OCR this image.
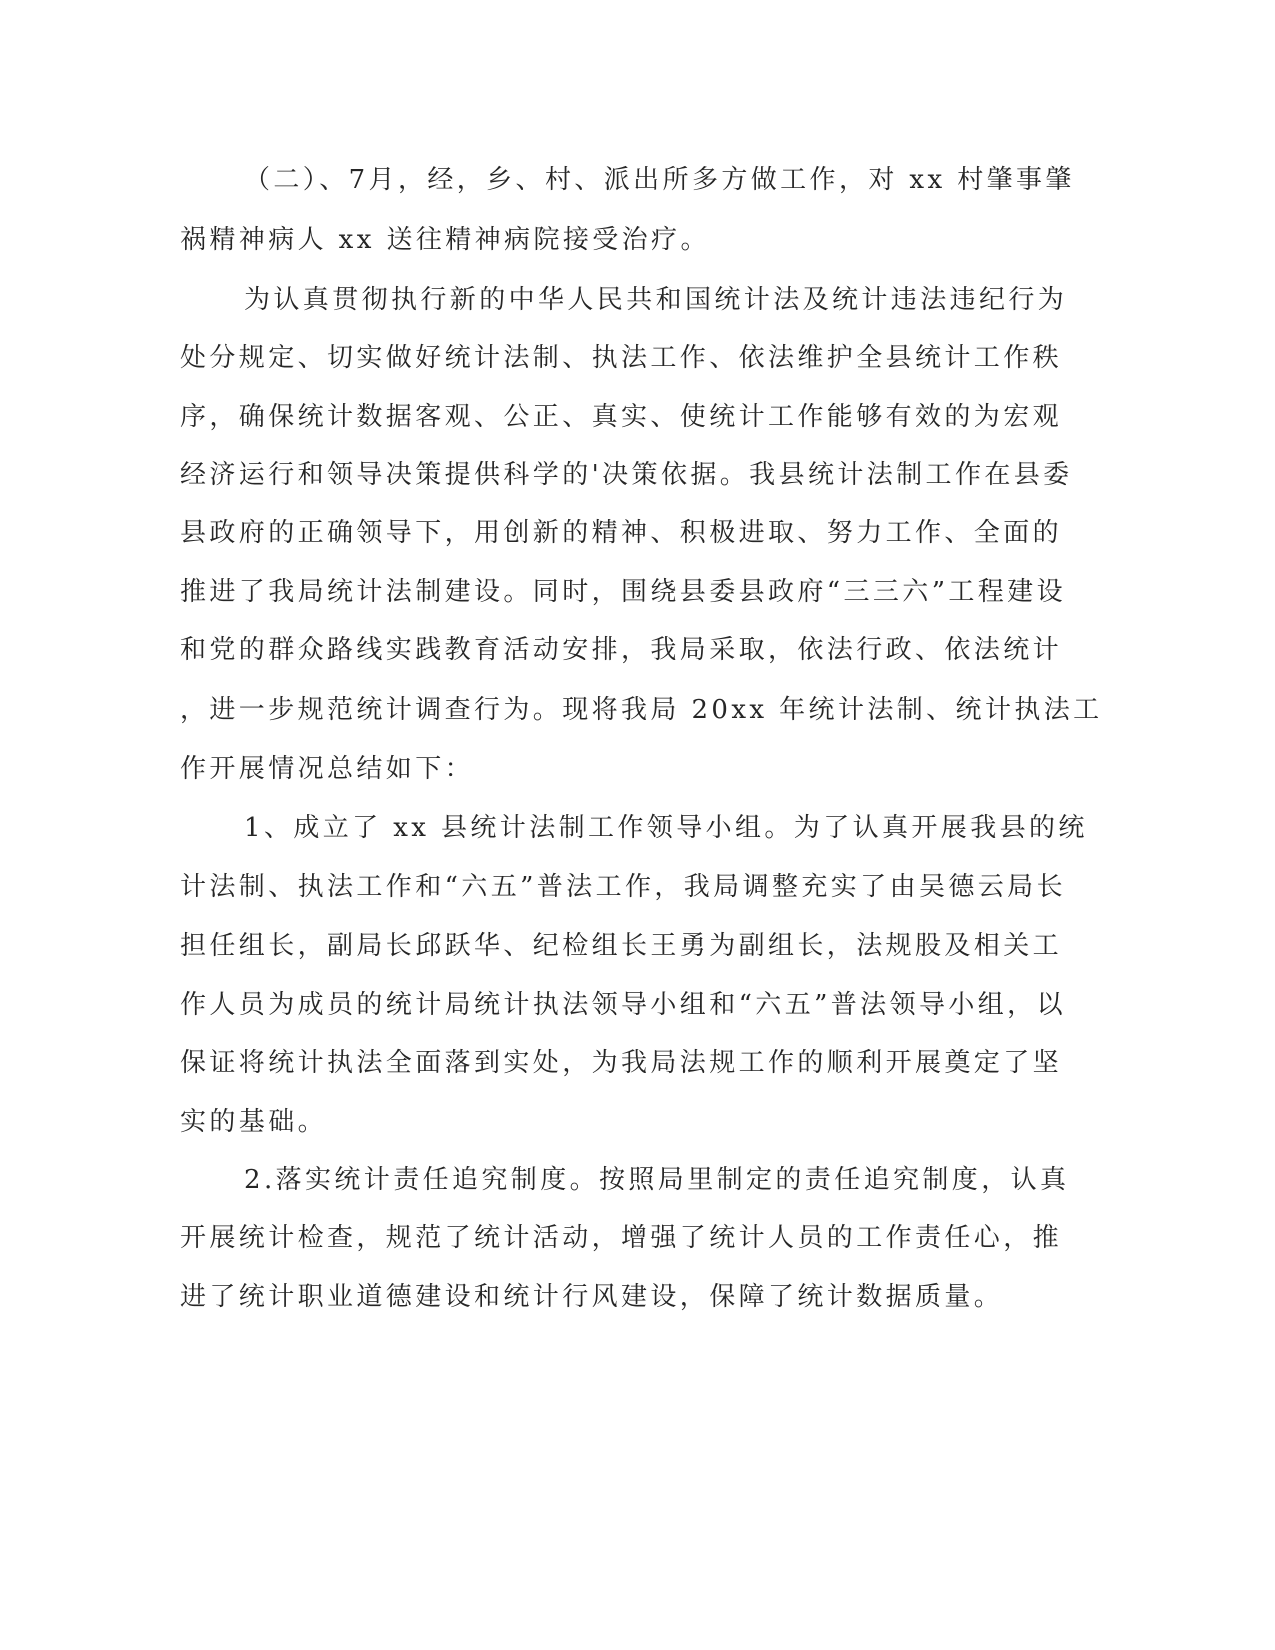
（二）、7月，经，乡、村、派出所多方做工作，对 xx 村肇事肇
祸精神病人 xx 送往精神病院接受治疗。
为认真贯彻执行新的中华人民共和国统计法及统计违法违纪行为
处分规定、切实做好统计法制、执法工作、依法维护全县统计工作秩
序，确保统计数据客观、公正、真实、使统计工作能够有效的为宏观
经济运行和领导决策提供科学的'决策依据。我县统计法制工作在县委
县政府的正确领导下，用创新的精神、积极进取、努力工作、全面的
推进了我局统计法制建设。同时，围绕县委县政府“三三六”工程建设
和党的群众路线实践教育活动安排，我局采取，依法行政、依法统计
，进一步规范统计调查行为。现将我局 20xx 年统计法制、统计执法工
作开展情况总结如下：
1、成立了 xx 县统计法制工作领导小组。为了认真开展我县的统
计法制、执法工作和“六五”普法工作，我局调整充实了由吴德云局长
担任组长，副局长邱跃华、纪检组长王勇为副组长，法规股及相关工
作人员为成员的统计局统计执法领导小组和“六五”普法领导小组，以
保证将统计执法全面落到实处，为我局法规工作的顺利开展奠定了坚
实的基础。
2.落实统计责任追究制度。按照局里制定的责任追究制度，认真
开展统计检查，规范了统计活动，增强了统计人员的工作责任心，推
进了统计职业道德建设和统计行风建设，保障了统计数据质量。
